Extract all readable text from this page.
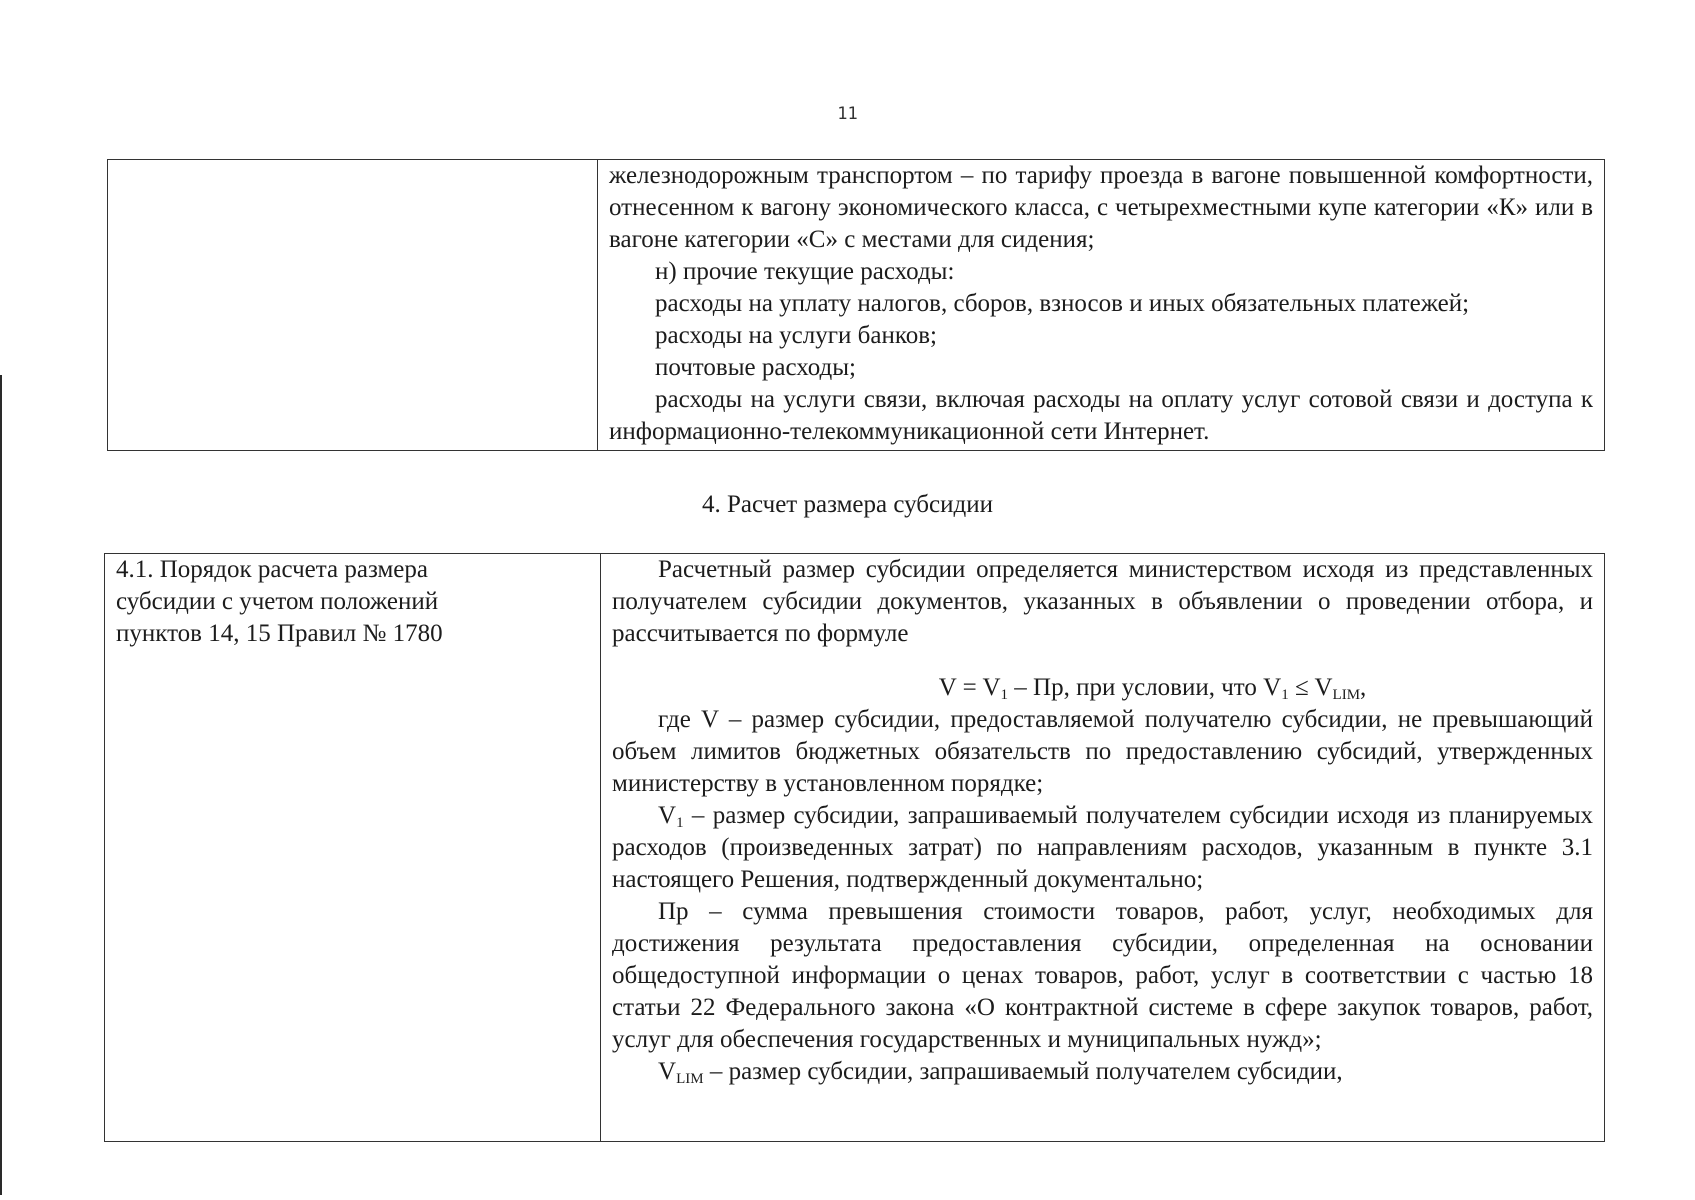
11

железнодорожным транспортом – по тарифу проезда в вагоне повышенной комфортности, отнесенном к вагону экономического класса, с четырехместными купе категории «К» или в вагоне категории «С» с местами для сидения;

н) прочие текущие расходы:

расходы на уплату налогов, сборов, взносов и иных обязательных платежей;

расходы на услуги банков;

почтовые расходы;

расходы на услуги связи, включая расходы на оплату услуг сотовой связи и доступа к информационно-телекоммуникационной сети Интернет.

4. Расчет размера субсидии
4.1. Порядок расчета размера субсидии с учетом положений пунктов 14, 15 Правил № 1780	

Расчетный размер субсидии определяется министерством исходя из представленных получателем субсидии документов, указанных в объявлении о проведении отбора, и рассчитывается по формуле

$V = V_1$ – Пр, при условии, что $V_1 \le V_{LIM}$,

где V – размер субсидии, предоставляемой получателю субсидии, не превышающий объем лимитов бюджетных обязательств по предоставлению субсидий, утвержденных министерству в установленном порядке;

$V_1$ – размер субсидии, запрашиваемый получателем субсидии исходя из планируемых расходов (произведенных затрат) по направлениям расходов, указанным в пункте 3.1 настоящего Решения, подтвержденный документально;

Пр – сумма превышения стоимости товаров, работ, услуг, необходимых для достижения результата предоставления субсидии, определенная на основании общедоступной информации о ценах товаров, работ, услуг в соответствии с частью 18 статьи 22 Федерального закона «О контрактной системе в сфере закупок товаров, работ, услуг для обеспечения государственных и муниципальных нужд»;

$V_{LIM}$ – размер субсидии, запрашиваемый получателем субсидии,
